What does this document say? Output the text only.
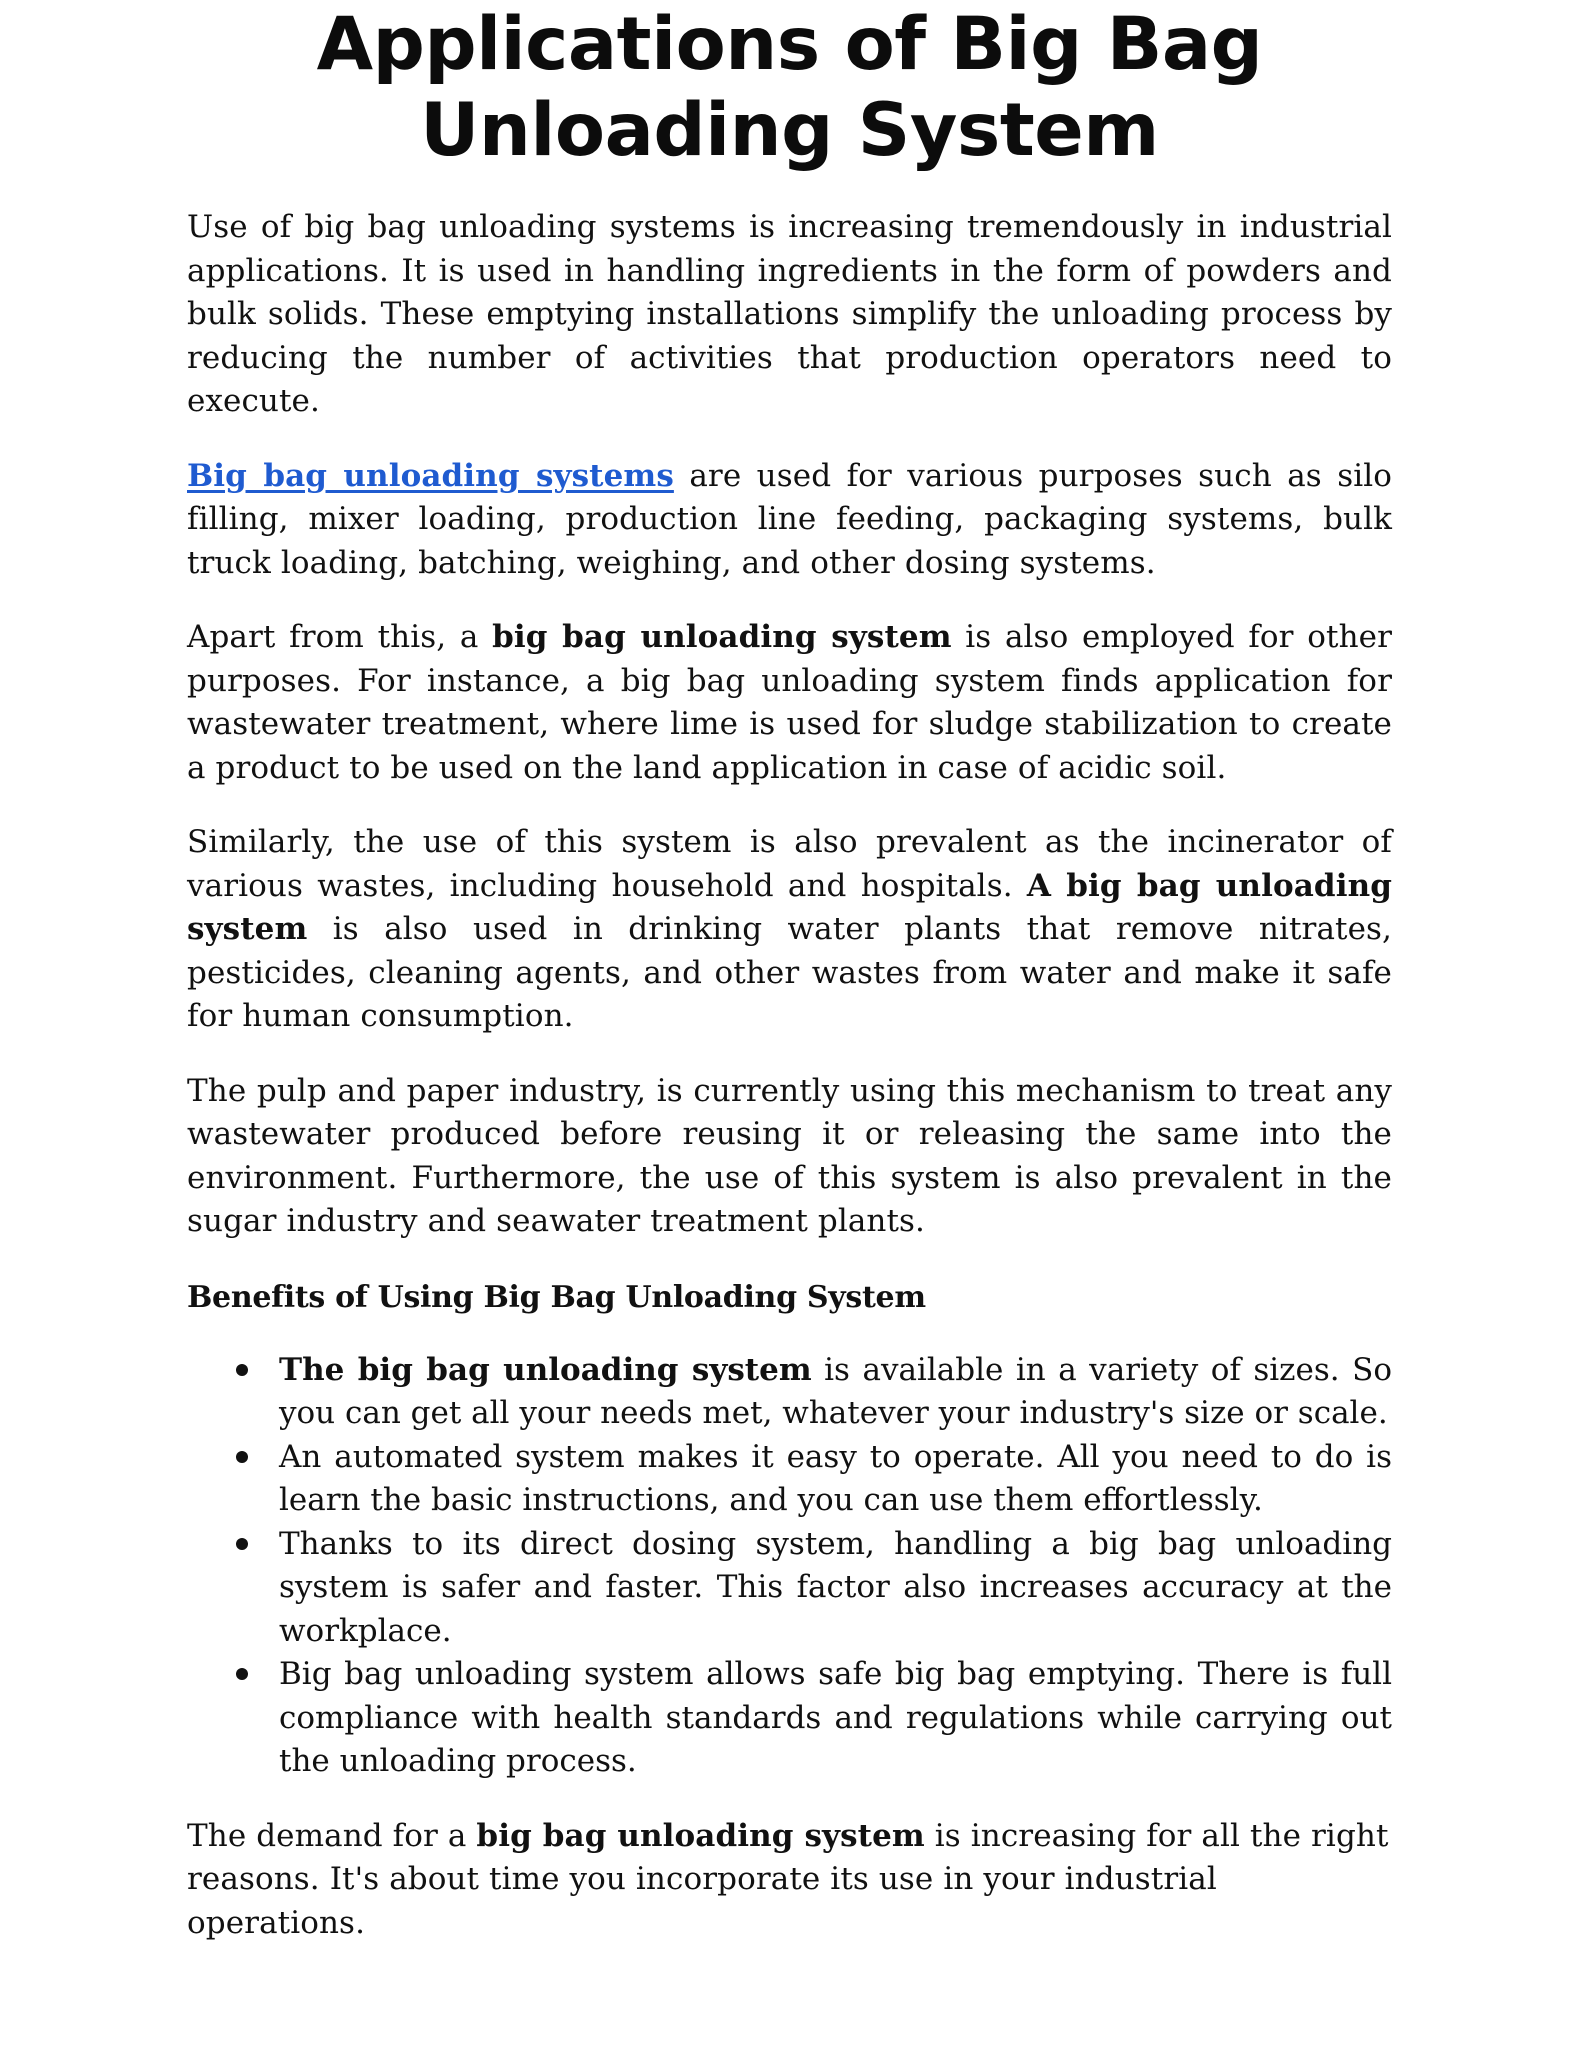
Applications of Big Bag Unloading System

Use of big bag unloading systems is increasing tremendously in industrial applications. It is used in handling ingredients in the form of powders and bulk solids. These emptying installations simplify the unloading process by reducing the number of activities that production operators need to execute.

Big bag unloading systems are used for various purposes such as silo filling, mixer loading, production line feeding, packaging systems, bulk truck loading, batching, weighing, and other dosing systems.

Apart from this, a big bag unloading system is also employed for other purposes. For instance, a big bag unloading system finds application for wastewater treatment, where lime is used for sludge stabilization to create a product to be used on the land application in case of acidic soil.

Similarly, the use of this system is also prevalent as the incinerator of various wastes, including household and hospitals. A big bag unloading system is also used in drinking water plants that remove nitrates, pesticides, cleaning agents, and other wastes from water and make it safe for human consumption.

The pulp and paper industry, is currently using this mechanism to treat any wastewater produced before reusing it or releasing the same into the environment. Furthermore, the use of this system is also prevalent in the sugar industry and seawater treatment plants.

Benefits of Using Big Bag Unloading System
The big bag unloading system is available in a variety of sizes. So you can get all your needs met, whatever your industry's size or scale.
An automated system makes it easy to operate. All you need to do is learn the basic instructions, and you can use them effortlessly.
Thanks to its direct dosing system, handling a big bag unloading system is safer and faster. This factor also increases accuracy at the workplace.
Big bag unloading system allows safe big bag emptying. There is full compliance with health standards and regulations while carrying out the unloading process.

The demand for a big bag unloading system is increasing for all the right reasons. It's about time you incorporate its use in your industrial operations.
